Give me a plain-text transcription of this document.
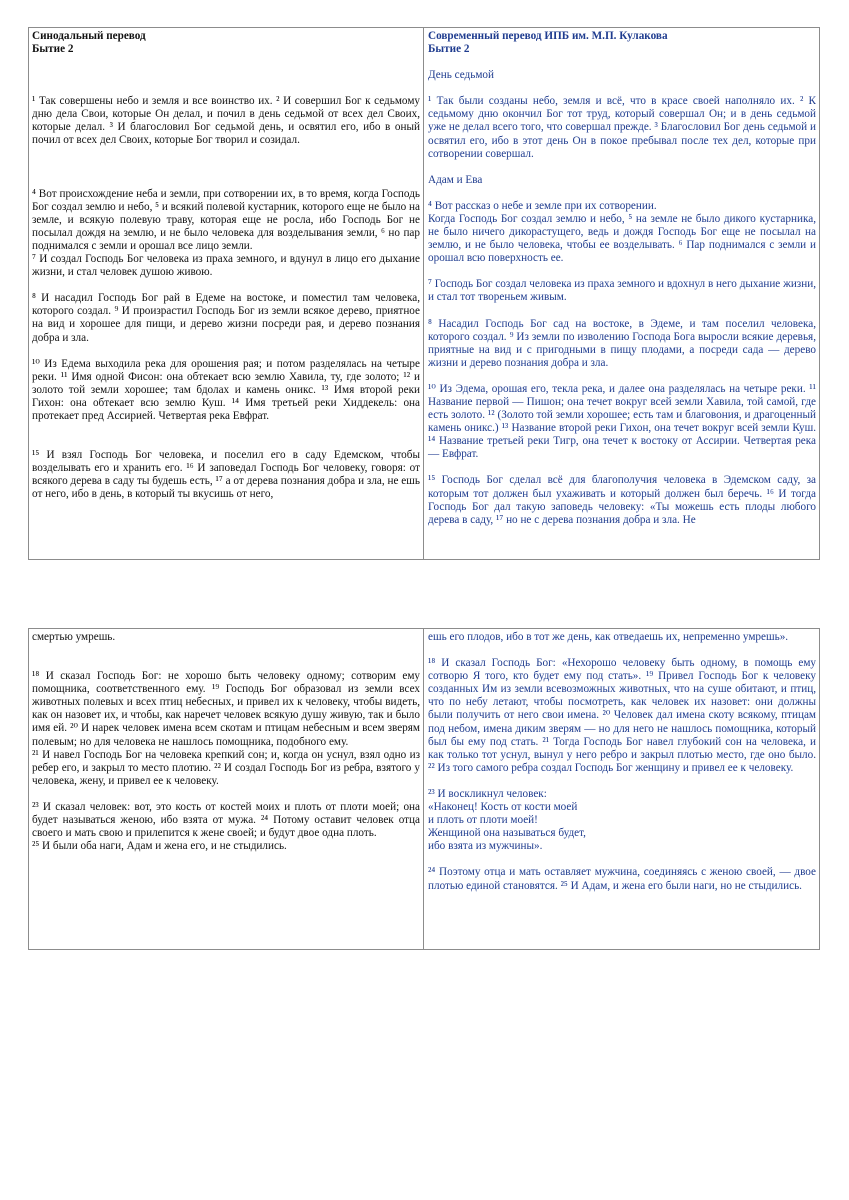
Синодальный перевод

Бытие 2

¹ Так совершены небо и земля и все воинство их. ² И совершил Бог к седьмому дню дела Свои, которые Он делал, и почил в день седьмой от всех дел Своих, которые делал. ³ И благословил Бог седьмой день, и освятил его, ибо в оный почил от всех дел Своих, которые Бог творил и созидал.

⁴ Вот происхождение неба и земли, при сотворении их, в то время, когда Господь Бог создал землю и небо, ⁵ и всякий полевой кустарник, которого еще не было на земле, и всякую полевую траву, которая еще не росла, ибо Господь Бог не посылал дождя на землю, и не было человека для возделывания земли, ⁶ но пар поднимался с земли и орошал все лицо земли.

⁷ И создал Господь Бог человека из праха земного, и вдунул в лицо его дыхание жизни, и стал человек душою живою.

⁸ И насадил Господь Бог рай в Едеме на востоке, и поместил там человека, которого создал. ⁹ И произрастил Господь Бог из земли всякое дерево, приятное на вид и хорошее для пищи, и дерево жизни посреди рая, и дерево познания добра и зла.

¹⁰ Из Едема выходила река для орошения рая; и потом разделялась на четыре реки. ¹¹ Имя одной Фисон: она обтекает всю землю Хавила, ту, где золото; ¹² и золото той земли хорошее; там бдолах и камень оникс. ¹³ Имя второй реки Гихон: она обтекает всю землю Куш. ¹⁴ Имя третьей реки Хиддекель: она протекает пред Ассирией. Четвертая река Евфрат.

¹⁵ И взял Господь Бог человека, и поселил его в саду Едемском, чтобы возделывать его и хранить его. ¹⁶ И заповедал Господь Бог человеку, говоря: от всякого дерева в саду ты будешь есть, ¹⁷ а от дерева познания добра и зла, не ешь от него, ибо в день, в который ты вкусишь от него,

Современный перевод ИПБ им. М.П. Кулакова

Бытие 2

День седьмой

¹ Так были созданы небо, земля и всё, что в красе своей наполняло их. ² К седьмому дню окончил Бог тот труд, который совершал Он; и в день седьмой уже не делал всего того, что совершал прежде. ³ Благословил Бог день седьмой и освятил его, ибо в этот день Он в покое пребывал после тех дел, которые при сотворении совершал.

Адам и Ева

⁴ Вот рассказ о небе и земле при их сотворении.

Когда Господь Бог создал землю и небо, ⁵ на земле не было дикого кустарника, не было ничего дикорастущего, ведь и дождя Господь Бог еще не посылал на землю, и не было человека, чтобы ее возделывать. ⁶ Пар поднимался с земли и орошал всю поверхность ее.

⁷ Господь Бог создал человека из праха земного и вдохнул в него дыхание жизни, и стал тот твореньем живым.

⁸ Насадил Господь Бог сад на востоке, в Эдеме, и там поселил человека, которого создал. ⁹ Из земли по изволению Господа Бога выросли всякие деревья, приятные на вид и с пригодными в пищу плодами, а посреди сада — дерево жизни и дерево познания добра и зла.

¹⁰ Из Эдема, орошая его, текла река, и далее она разделялась на четыре реки. ¹¹ Название первой — Пишон; она течет вокруг всей земли Хавила, той самой, где есть золото. ¹² (Золото той земли хорошее; есть там и благовония, и драгоценный камень оникс.) ¹³ Название второй реки Гихон, она течет вокруг всей земли Куш. ¹⁴ Название третьей реки Тигр, она течет к востоку от Ассирии. Четвертая река — Евфрат.

¹⁵ Господь Бог сделал всё для благополучия человека в Эдемском саду, за которым тот должен был ухаживать и который должен был беречь. ¹⁶ И тогда Господь Бог дал такую заповедь человеку: «Ты можешь есть плоды любого дерева в саду, ¹⁷ но не с дерева познания добра и зла. Не

смертью умрешь.

¹⁸ И сказал Господь Бог: не хорошо быть человеку одному; сотворим ему помощника, соответственного ему. ¹⁹ Господь Бог образовал из земли всех животных полевых и всех птиц небесных, и привел их к человеку, чтобы видеть, как он назовет их, и чтобы, как наречет человек всякую душу живую, так и было имя ей. ²⁰ И нарек человек имена всем скотам и птицам небесным и всем зверям полевым; но для человека не нашлось помощника, подобного ему.

²¹ И навел Господь Бог на человека крепкий сон; и, когда он уснул, взял одно из ребер его, и закрыл то место плотию. ²² И создал Господь Бог из ребра, взятого у человека, жену, и привел ее к человеку.

²³ И сказал человек: вот, это кость от костей моих и плоть от плоти моей; она будет называться женою, ибо взята от мужа. ²⁴ Потому оставит человек отца своего и мать свою и прилепится к жене своей; и будут двое одна плоть.

²⁵ И были оба наги, Адам и жена его, и не стыдились.

ешь его плодов, ибо в тот же день, как отведаешь их, непременно умрешь».

¹⁸ И сказал Господь Бог: «Нехорошо человеку быть одному, в помощь ему сотворю Я того, кто будет ему под стать». ¹⁹ Привел Господь Бог к человеку созданных Им из земли всевозможных животных, что на суше обитают, и птиц, что по небу летают, чтобы посмотреть, как человек их назовет: они должны были получить от него свои имена. ²⁰ Человек дал имена скоту всякому, птицам под небом, имена диким зверям — но для него не нашлось помощника, который был бы ему под стать. ²¹ Тогда Господь Бог навел глубокий сон на человека, и как только тот уснул, вынул у него ребро и закрыл плотью место, где оно было. ²² Из того самого ребра создал Господь Бог женщину и привел ее к человеку.

²³ И воскликнул человек:

«Наконец! Кость от кости моей

и плоть от плоти моей!

Женщиной она называться будет,

ибо взята из мужчины».

²⁴ Поэтому отца и мать оставляет мужчина, соединяясь с женою своей, — двое плотью единой становятся. ²⁵ И Адам, и жена его были наги, но не стыдились.
